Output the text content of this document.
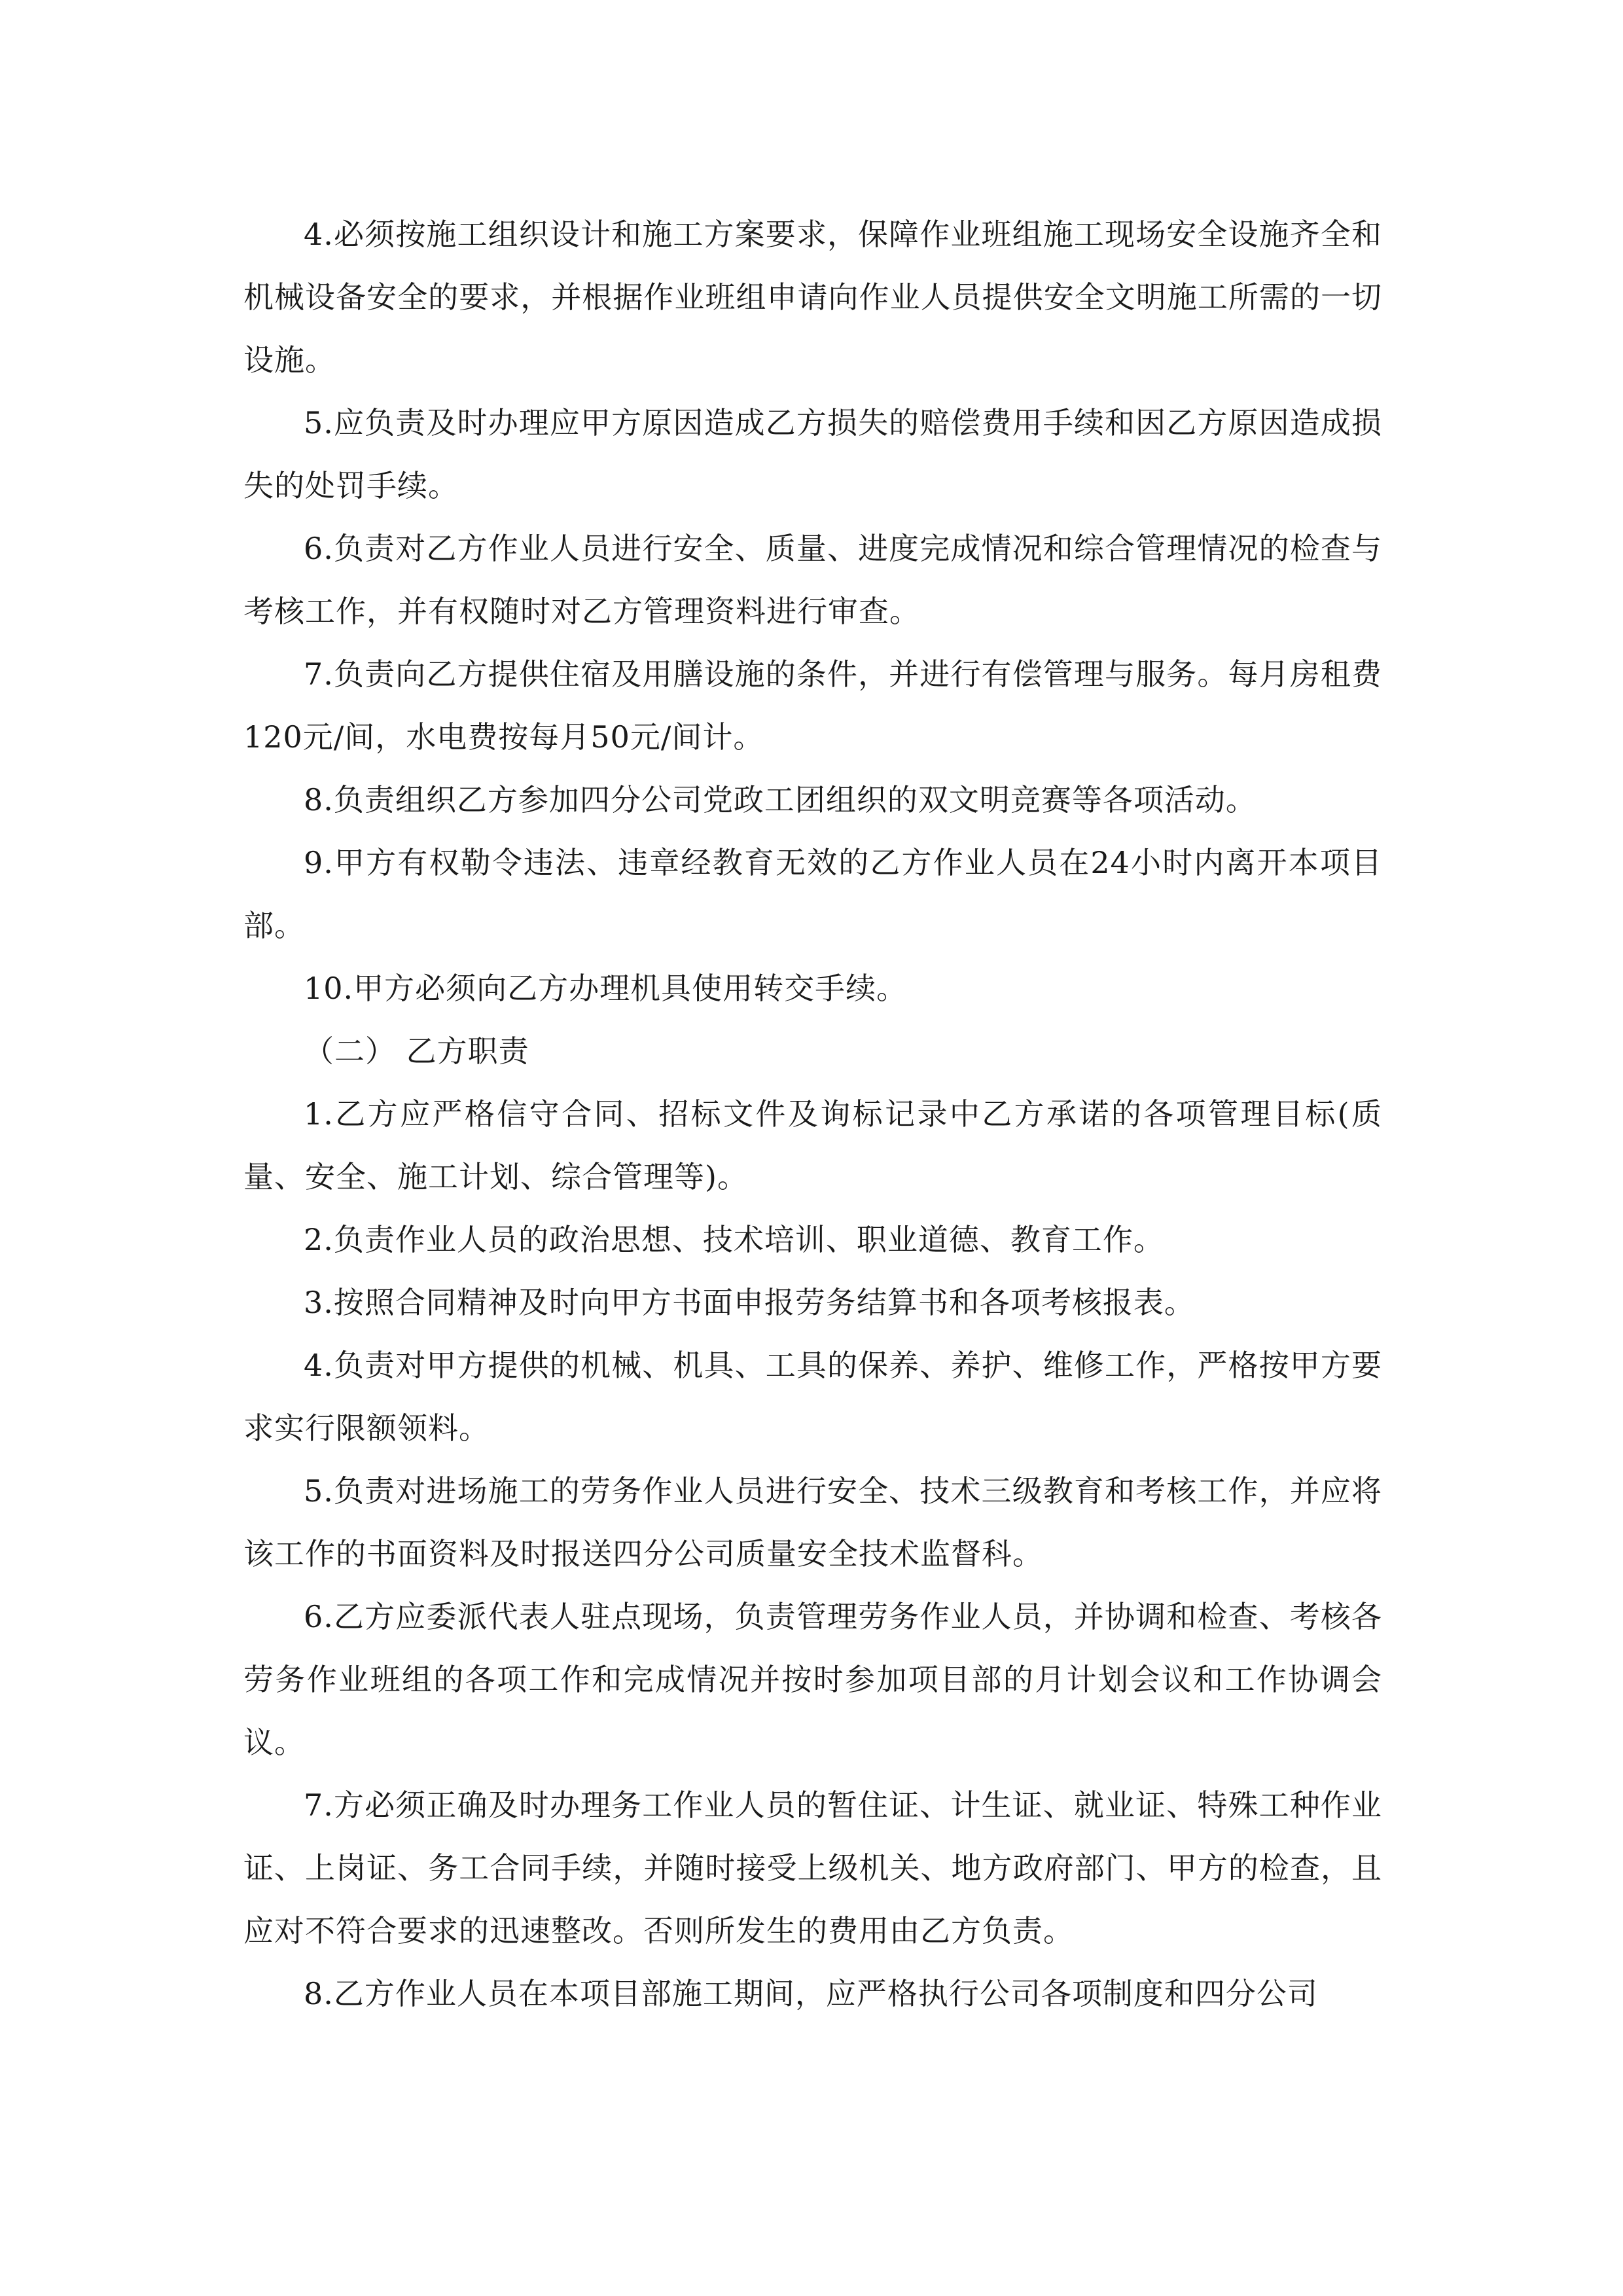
4.必须按施工组织设计和施工方案要求，保障作业班组施工现场安全设施齐全和机械设备安全的要求，并根据作业班组申请向作业人员提供安全文明施工所需的一切设施。

5.应负责及时办理应甲方原因造成乙方损失的赔偿费用手续和因乙方原因造成损失的处罚手续。

6.负责对乙方作业人员进行安全、质量、进度完成情况和综合管理情况的检查与考核工作，并有权随时对乙方管理资料进行审查。

7.负责向乙方提供住宿及用膳设施的条件，并进行有偿管理与服务。每月房租费120元/间，水电费按每月50元/间计。

8.负责组织乙方参加四分公司党政工团组织的双文明竞赛等各项活动。

9.甲方有权勒令违法、违章经教育无效的乙方作业人员在24小时内离开本项目部。

10.甲方必须向乙方办理机具使用转交手续。

（二） 乙方职责

1.乙方应严格信守合同、招标文件及询标记录中乙方承诺的各项管理目标(质量、安全、施工计划、综合管理等)。

2.负责作业人员的政治思想、技术培训、职业道德、教育工作。

3.按照合同精神及时向甲方书面申报劳务结算书和各项考核报表。

4.负责对甲方提供的机械、机具、工具的保养、养护、维修工作，严格按甲方要求实行限额领料。

5.负责对进场施工的劳务作业人员进行安全、技术三级教育和考核工作，并应将该工作的书面资料及时报送四分公司质量安全技术监督科。

6.乙方应委派代表人驻点现场，负责管理劳务作业人员，并协调和检查、考核各劳务作业班组的各项工作和完成情况并按时参加项目部的月计划会议和工作协调会议。

7.方必须正确及时办理务工作业人员的暂住证、计生证、就业证、特殊工种作业证、上岗证、务工合同手续，并随时接受上级机关、地方政府部门、甲方的检查，且应对不符合要求的迅速整改。否则所发生的费用由乙方负责。

8.乙方作业人员在本项目部施工期间，应严格执行公司各项制度和四分公司
